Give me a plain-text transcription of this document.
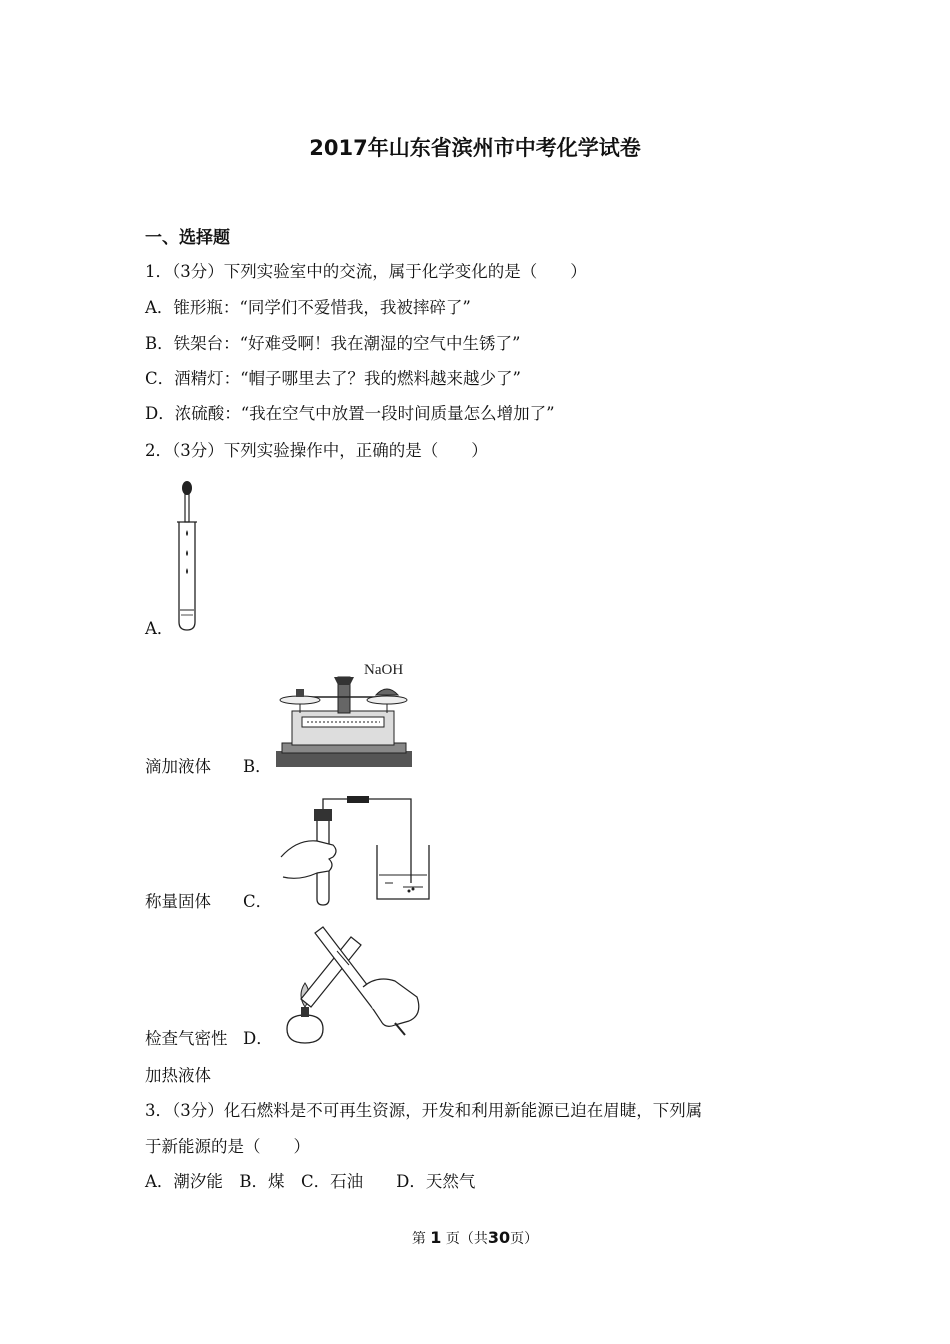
2017年山东省滨州市中考化学试卷
一、选择题
1．（3分）下列实验室中的交流，属于化学变化的是（　　）
A．锥形瓶：“同学们不爱惜我，我被摔碎了”
B．铁架台：“好难受啊！我在潮湿的空气中生锈了”
C．酒精灯：“帽子哪里去了？我的燃料越来越少了”
D．浓硫酸：“我在空气中放置一段时间质量怎么增加了”
2．（3分）下列实验操作中，正确的是（　　）
A．
NaOH
滴加液体 B．
称量固体 C．
检查气密性 D．
加热液体
3．（3分）化石燃料是不可再生资源，开发和利用新能源已迫在眉睫，下列属
于新能源的是（　　）
A．潮汐能　B．煤　C．石油　　D．天然气
第 1 页（共30页）
